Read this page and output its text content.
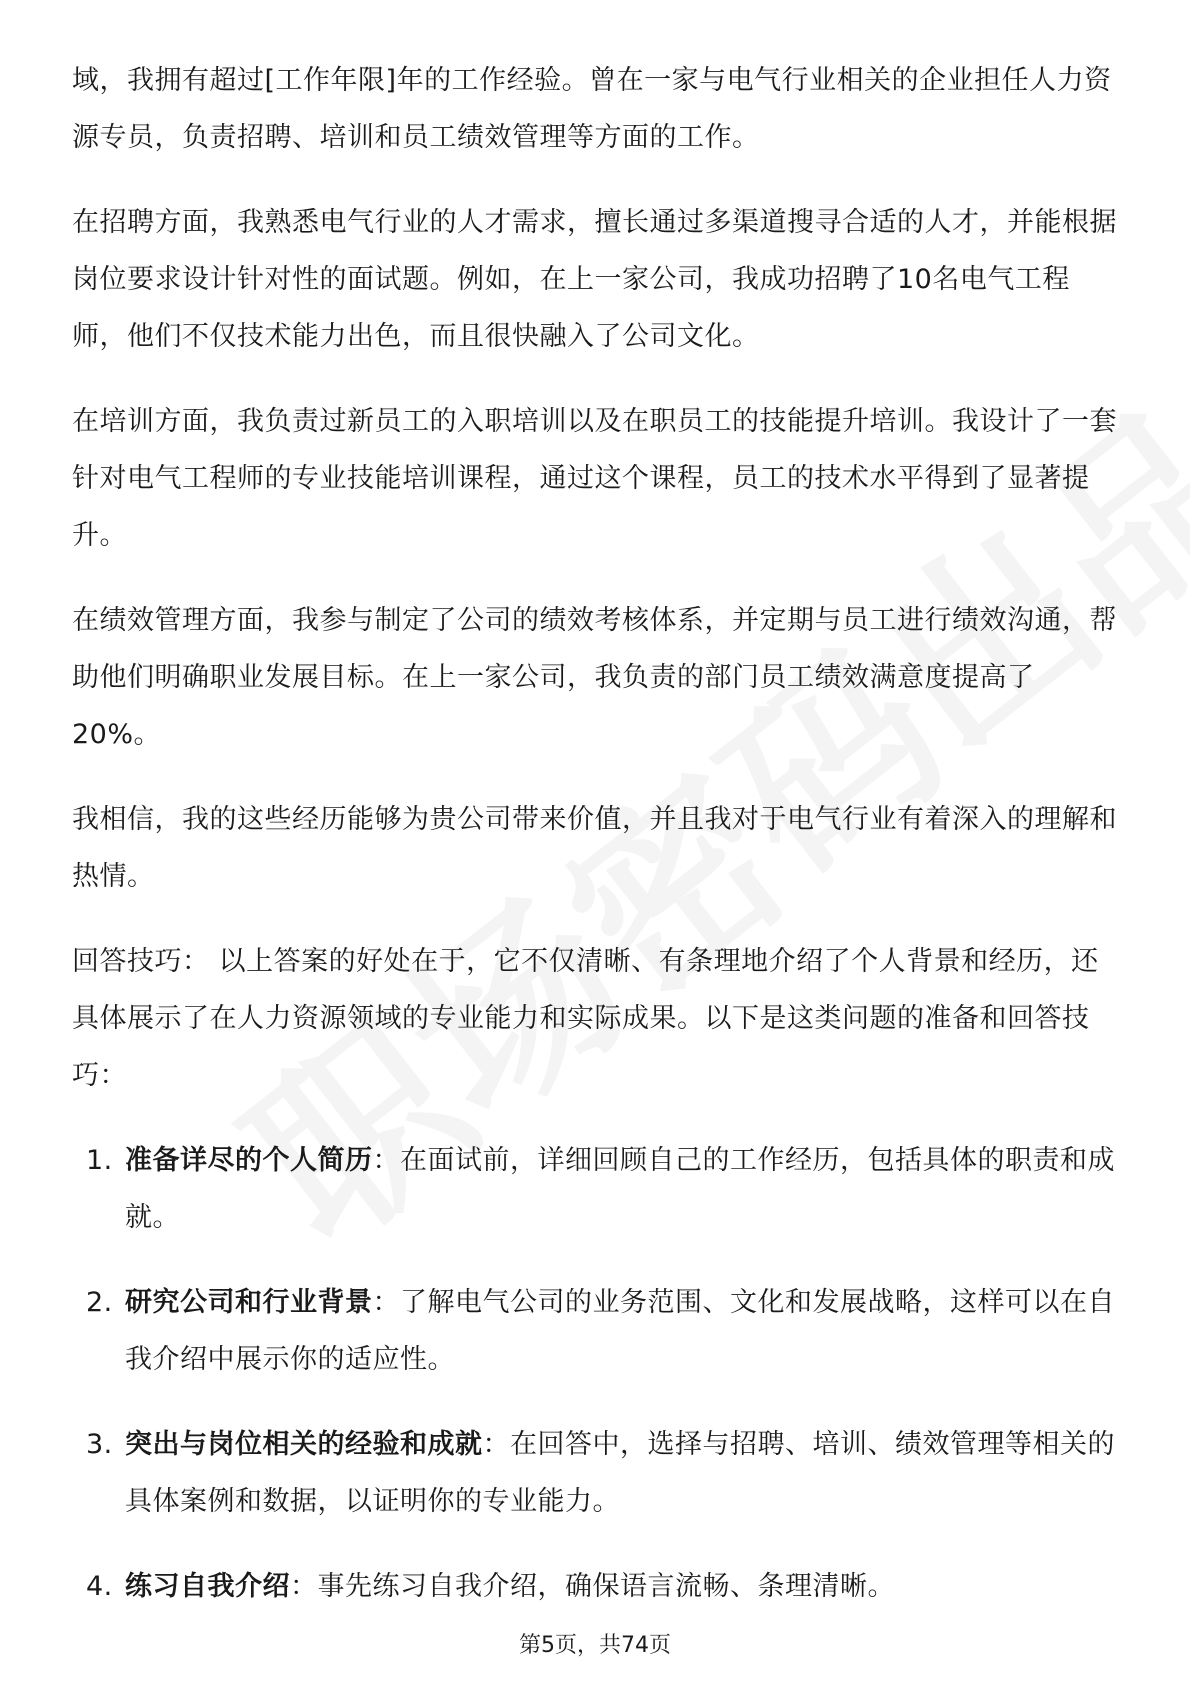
域，我拥有超过[工作年限]年的工作经验。曾在一家与电气行业相关的企业担任人力资源专员，负责招聘、培训和员工绩效管理等方面的工作。

在招聘方面，我熟悉电气行业的人才需求，擅长通过多渠道搜寻合适的人才，并能根据岗位要求设计针对性的面试题。例如，在上一家公司，我成功招聘了10名电气工程师，他们不仅技术能力出色，而且很快融入了公司文化。

在培训方面，我负责过新员工的入职培训以及在职员工的技能提升培训。我设计了一套针对电气工程师的专业技能培训课程，通过这个课程，员工的技术水平得到了显著提升。

在绩效管理方面，我参与制定了公司的绩效考核体系，并定期与员工进行绩效沟通，帮助他们明确职业发展目标。在上一家公司，我负责的部门员工绩效满意度提高了20%。

我相信，我的这些经历能够为贵公司带来价值，并且我对于电气行业有着深入的理解和热情。

回答技巧： 以上答案的好处在于，它不仅清晰、有条理地介绍了个人背景和经历，还具体展示了在人力资源领域的专业能力和实际成果。以下是这类问题的准备和回答技巧：

1. 准备详尽的个人简历：在面试前，详细回顾自己的工作经历，包括具体的职责和成就。
2. 研究公司和行业背景：了解电气公司的业务范围、文化和发展战略，这样可以在自我介绍中展示你的适应性。
3. 突出与岗位相关的经验和成就：在回答中，选择与招聘、培训、绩效管理等相关的具体案例和数据，以证明你的专业能力。
4. 练习自我介绍：事先练习自我介绍，确保语言流畅、条理清晰。
第5页，共74页
